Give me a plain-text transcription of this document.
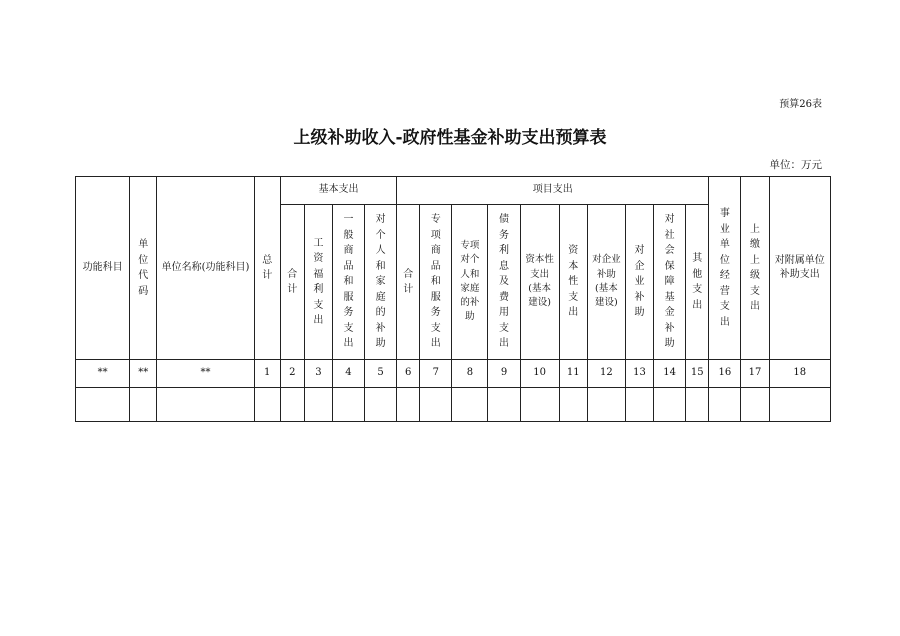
预算26表
上级补助收入-政府性基金补助支出预算表
单位：万元
功能科目	单位代码	单位名称(功能科目)	总计	基本支出				项目支出										事业单位经营支出	上缴上级支出	对附属单位补助支出
				合计	工资福利支出	一般商品和服务支出	对个人和家庭的补助	合计	专项商品和服务支出	专项对个人和家庭的补助	债务利息及费用支出	资本性支出(基本建设)	资本性支出	对企业补助(基本建设)	对企业补助	对社会保障基金补助	其他支出			
**	**	**	1	2	3	4	5	6	7	8	9	10	11	12	13	14	15	16	17	18
